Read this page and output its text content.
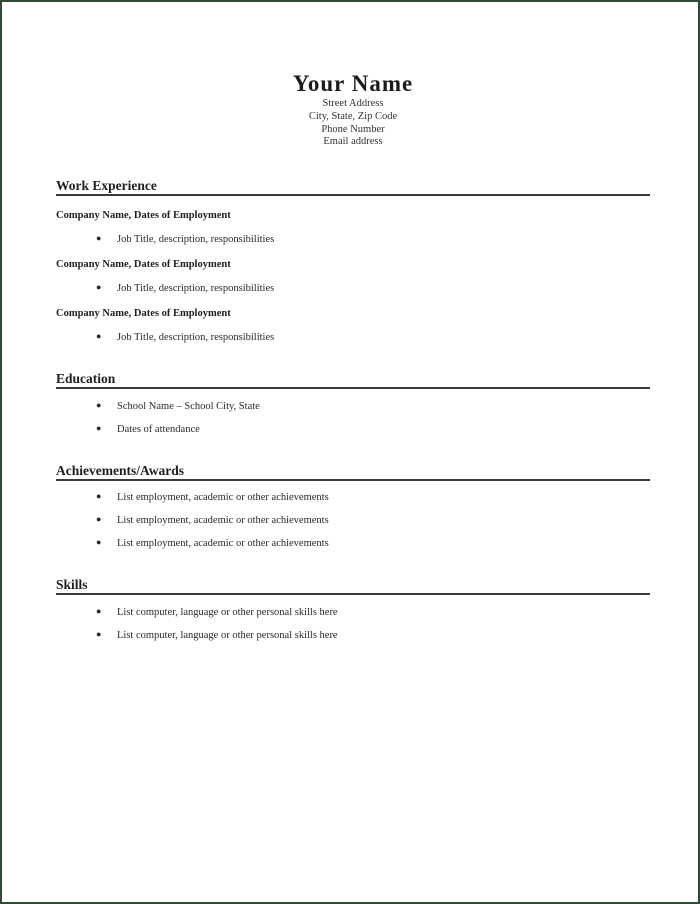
Your Name
Street Address
City, State, Zip Code
Phone Number
Email address
Work Experience
Company Name, Dates of Employment
● Job Title, description, responsibilities
Company Name, Dates of Employment
● Job Title, description, responsibilities
Company Name, Dates of Employment
● Job Title, description, responsibilities
Education
● School Name – School City, State
● Dates of attendance
Achievements/Awards
● List employment, academic or other achievements
● List employment, academic or other achievements
● List employment, academic or other achievements
Skills
● List computer, language or other personal skills here
● List computer, language or other personal skills here
